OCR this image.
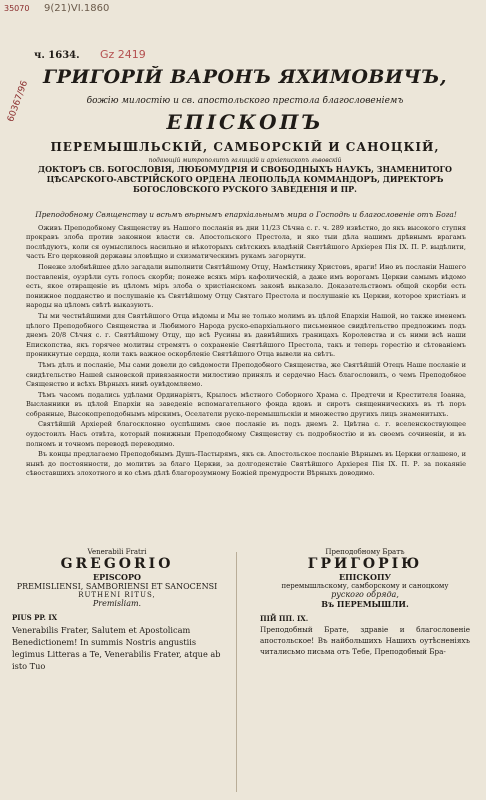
35070 9(21)VI.1860
60367/96
ч. 1634. Gz 2419
ГРИГОРІЙ ВАРОНЪ ЯХИМОВИЧЪ,
божію милостію и св. апостольского престола благословеніемъ
ЕПІСКОПЪ
ПЕРЕМЫШЛЬСКІЙ, САМБОРСКІЙ И САНОЦКІЙ,
подающій митрополитъ галицкій и архіепископъ львовскій
ДОКТОРЪ СВ. БОГОСЛОВІЯ, ЛЮБОМУДРІЯ И СВОБОДНЫХЪ НАУКЪ, ЗНАМЕНИТОГО ЦѢСАРСКОГО-АВСТРІЙСКОГО ОРДЕНА ЛЕОПОЛЬДА КОММАНДОРЪ, ДИРЕКТОРЪ БОГОСЛОВСКОГО РУСКОГО ЗАВЕДЕНІЯ И ПР.

Преподобному Священству и всѣмъ вѣрнымъ епархіальнымъ мира о Господѣ и благословеніе отъ Бога!

Оживъ Преподобному Священству въ Нашого посланія въ дни 11/23 Сѣчна с. г. ч. 289 извѣстно, до якъ высокого ступня прокравъ злоба против законнои власти св. Апостольского Престола, и яко тыи дѣла нашимъ дрѣвнымъ врагамъ послѣдуютъ, коли ся оумыслилось насильно и нѣкоторыхъ свѣтскихъ владѣній Святѣйшого Архіерея Пія IX. П. Р. выдѣлити, часть Его церковной державы зловѣщно и схизматическимъ рукамъ загорнути.

Понеже злобнѣйшее дѣло загадали выполнити Святѣйшому Отцу, Намѣстнику Христовъ, враги! Ино въ посланіи Нашего поставленія, оузрѣли суть голосъ скорби; понеже всякъ міръ кафолическій, а даже имъ ворогамъ Церкви самымъ вѣдомо есть, якое отвращеніе въ цѣломъ міръ злоба о христіанскомъ законѣ выказало. Доказательствомъ общой скорби есть понижное подданство и послушаніе къ Святѣйшому Отцу Святаго Престола и послушаніе къ Церкви, которое христіанъ и народы на цѣломъ свѣтѣ выказуютъ.

Ты ми честнѣйшими для Святѣйшого Отца вѣдомы и Мы не только молимъ въ цѣлой Епархіи Нашой, но также именемъ цѣлого Преподобного Священства и Любимого Народа руско-епархіального письменное свидѣтельство предложимъ подъ днемъ 20/8 Сѣчня с. г. Святѣйшому Отцу, що всѣ Русины въ давнѣйшихъ границахъ Королевства и съ ними всѣ наши Епископства, якъ горячее молитвы стремятъ о сохраненіе Святѣйшого Престола, такъ и теперь горестію и сѣтованіемъ проникнутые сердца, коли такъ важное оскорбленіе Святѣйшого Отца вывели на свѣтъ.

Тѣмъ дѣлъ и посланіе, Мы сами довели до свѣдомости Преподобного Священства, же Святѣйшій Отецъ Наше посланіе и свидѣтельство Нашей сыновской привязанности милостиво принялъ и сердечно Насъ благословилъ, о чемъ Преподобное Священство и всѣхъ Вѣрныхъ нинѣ оувѣдомляемо.

Тѣмъ часомъ подались удѣлами Ординаріятъ, Крылосъ мѣстного Соборного Храма с. Предтечи и Крестителя Іоанна, Высланники въ цѣлой Епархіи на заведеніе вспомагательного фонда вдовъ и сиротъ священническихъ въ тѣ поръ собранные, Высокопреподобнымъ мірскимъ, Оселатели руско-перемышльскіи и множество другихъ лицъ знаменитыхъ.

Святѣйшій Архіерей благосклонно оуспѣшимъ свое посланіе въ подъ днемъ 2. Цвѣтна с. г. вселенскоствующее оудостоилъ Насъ отвѣта, который понижныи Преподобному Священству съ подробностію и въ своемъ сочиненіи, и въ полномъ и точномъ переводѣ переводимо.

Въ концы предлагаемо Преподобнымъ Душъ-Пастырямъ, якъ св. Апостольское посланіе Вѣрнымъ въ Церкви оглашено, и нынѣ до постоянности, до молитвъ за благо Церкви, за долгоденствіе Святѣйшого Архіерея Пія IX. П. Р. за покаяніе сѣвоставшихъ злохотного и ко сѣмъ дѣлѣ благорозумному Божіей премудрости Вѣрныхъ доводимо.

Venerabili Fratri
GREGORIO
EPISCOPO
PREMISLIENSI, SAMBORIENSI ET SANOCENSI
RUTHENI RITUS,
Premisliam.
PIUS PP. IX
Venerabilis Frater, Salutem et Apostolicam Benedictionem! In summis Nostris angustiis legimus Litteras a Te, Venerabilis Frater, atque ab isto Tuo
Преподобному Братъ
ГРИГОРІЮ
ЕПІСКОПУ
перемышльскому, самборскому и саноцкому
руского обряда,
Въ ПЕРЕМЫШЛИ.
ПІЙ ПП. IX.
Преподобный Брате, здравіе и благословеніе апостольское! Въ найбольшихъ Нашихъ оутѣсненіяхъ читалисьмо письма отъ Тебе, Преподобный Бра-
